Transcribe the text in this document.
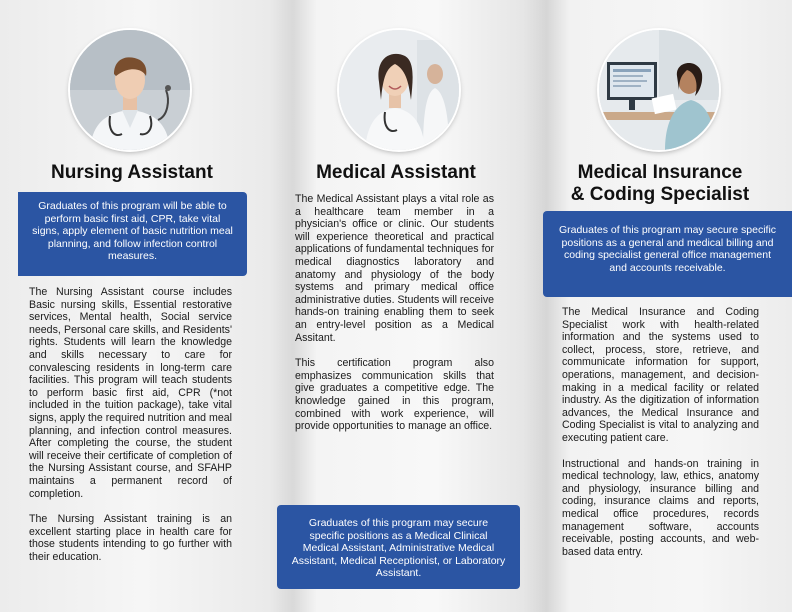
Nursing Assistant
Graduates of this program will be able to perform basic first aid, CPR, take vital signs, apply element of basic nutrition meal planning, and follow infection control measures.

The Nursing Assistant course includes Basic nursing skills, Essential restorative services, Mental health, Social service needs, Personal care skills, and Residents' rights. Students will learn the knowledge and skills necessary to care for convalescing residents in long-term care facilities. This program will teach students to perform basic first aid, CPR (*not included in the tuition package), take vital signs, apply the required nutrition and meal planning, and infection control measures. After completing the course, the student will receive their certificate of completion of the Nursing Assistant course, and SFAHP maintains a permanent record of completion.

The Nursing Assistant training is an excellent starting place in health care for those students intending to go further with their education.

Medical Assistant

The Medical Assistant plays a vital role as a healthcare team member in a physician's office or clinic. Our students will experience theoretical and practical applications of fundamental techniques for medical diagnostics laboratory and anatomy and physiology of the body systems and primary medical office administrative duties. Students will receive hands-on training enabling them to seek an entry-level position as a Medical Assitant.

This certification program also emphasizes communication skills that give graduates a competitive edge. The knowledge gained in this program, combined with work experience, will provide opportunities to manage an office.

Graduates of this program may secure specific positions as a Medical Clinical Medical Assistant, Administrative Medical Assistant, Medical Receptionist, or Laboratory Assistant.
Medical Insurance
& Coding Specialist
Graduates of this program may secure specific positions as a general and medical billing and coding specialist general office management and accounts receivable.

The Medical Insurance and Coding Specialist work with health-related information and the systems used to collect, process, store, retrieve, and communicate information for support, operations, management, and decision-making in a medical facility or related industry. As the digitization of information advances, the Medical Insurance and Coding Specialist is vital to analyzing and executing patient care.

Instructional and hands-on training in medical technology, law, ethics, anatomy and physiology, insurance billing and coding, insurance claims and reports, medical office procedures, records management software, accounts receivable, posting accounts, and web-based data entry.
